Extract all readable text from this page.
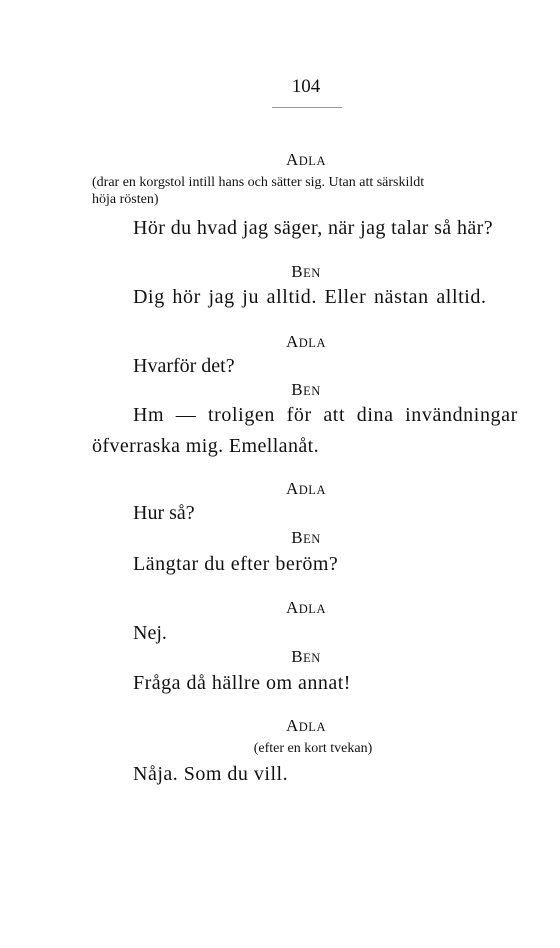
104
ADLA
(drar en korgstol intill hans och sätter sig. Utan att särskildt
höja rösten)
Hör du hvad jag säger, när jag talar så här?
BEN
Dig hör jag ju alltid. Eller nästan alltid.
ADLA
Hvarför det?
BEN
Hm — troligen för att dina invändningar
öfverraska mig. Emellanåt.
ADLA
Hur så?
BEN
Längtar du efter beröm?
ADLA
Nej.
BEN
Fråga då hällre om annat!
ADLA
(efter en kort tvekan)
Nåja. Som du vill.
